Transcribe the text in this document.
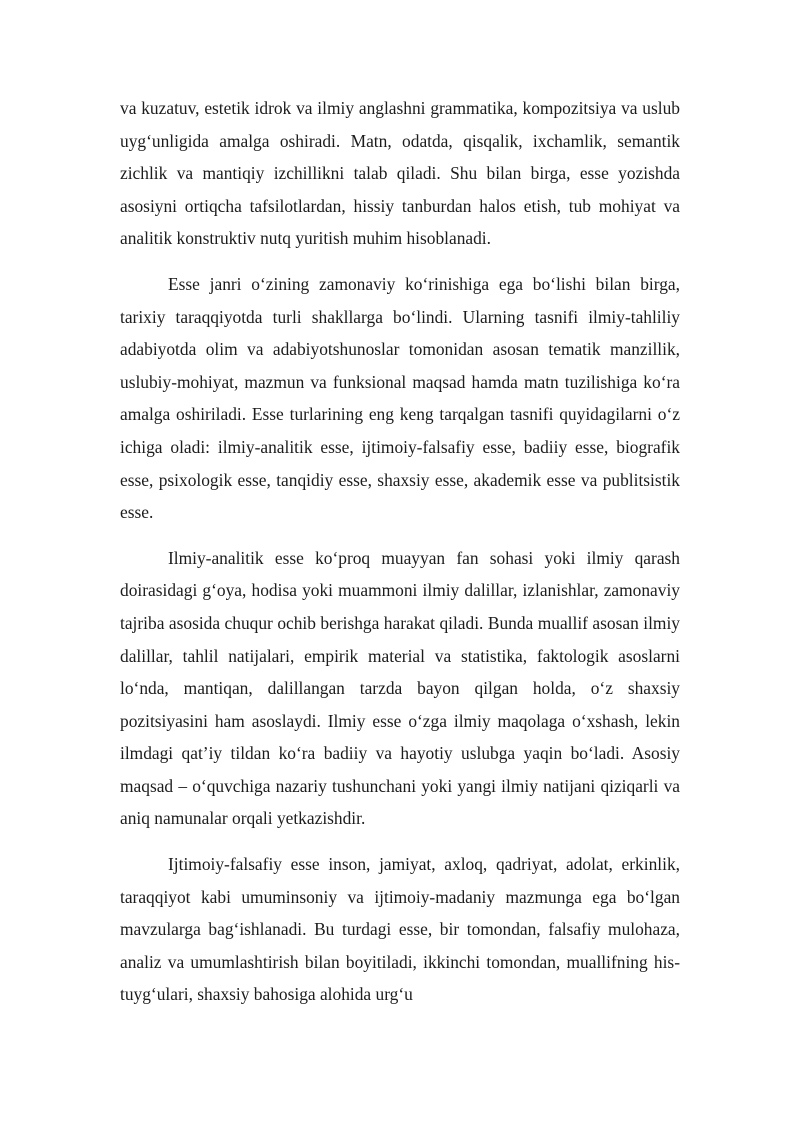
va kuzatuv, estetik idrok va ilmiy anglashni grammatika, kompozitsiya va uslub uygʻunligida amalga oshiradi. Matn, odatda, qisqalik, ixchamlik, semantik zichlik va mantiqiy izchillikni talab qiladi. Shu bilan birga, esse yozishda asosiyni ortiqcha tafsilotlardan, hissiy tanburdan halos etish, tub mohiyat va analitik konstruktiv nutq yuritish muhim hisoblanadi.

Esse janri oʻzining zamonaviy koʻrinishiga ega boʻlishi bilan birga, tarixiy taraqqiyotda turli shakllarga boʻlindi. Ularning tasnifi ilmiy-tahliliy adabiyotda olim va adabiyotshunoslar tomonidan asosan tematik manzillik, uslubiy-mohiyat, mazmun va funksional maqsad hamda matn tuzilishiga koʻra amalga oshiriladi. Esse turlarining eng keng tarqalgan tasnifi quyidagilarni oʻz ichiga oladi: ilmiy-analitik esse, ijtimoiy-falsafiy esse, badiiy esse, biografik esse, psixologik esse, tanqidiy esse, shaxsiy esse, akademik esse va publitsistik esse.

Ilmiy-analitik esse koʻproq muayyan fan sohasi yoki ilmiy qarash doirasidagi gʻoya, hodisa yoki muammoni ilmiy dalillar, izlanishlar, zamonaviy tajriba asosida chuqur ochib berishga harakat qiladi. Bunda muallif asosan ilmiy dalillar, tahlil natijalari, empirik material va statistika, faktologik asoslarni loʻnda, mantiqan, dalillangan tarzda bayon qilgan holda, oʻz shaxsiy pozitsiyasini ham asoslaydi. Ilmiy esse oʻzga ilmiy maqolaga oʻxshash, lekin ilmdagi qatʼiy tildan koʻra badiiy va hayotiy uslubga yaqin boʻladi. Asosiy maqsad – oʻquvchiga nazariy tushunchani yoki yangi ilmiy natijani qiziqarli va aniq namunalar orqali yetkazishdir.

Ijtimoiy-falsafiy esse inson, jamiyat, axloq, qadriyat, adolat, erkinlik, taraqqiyot kabi umuminsoniy va ijtimoiy-madaniy mazmunga ega boʻlgan mavzularga bagʻishlanadi. Bu turdagi esse, bir tomondan, falsafiy mulohaza, analiz va umumlashtirish bilan boyitiladi, ikkinchi tomondan, muallifning his-tuygʻulari, shaxsiy bahosiga alohida urgʻu
